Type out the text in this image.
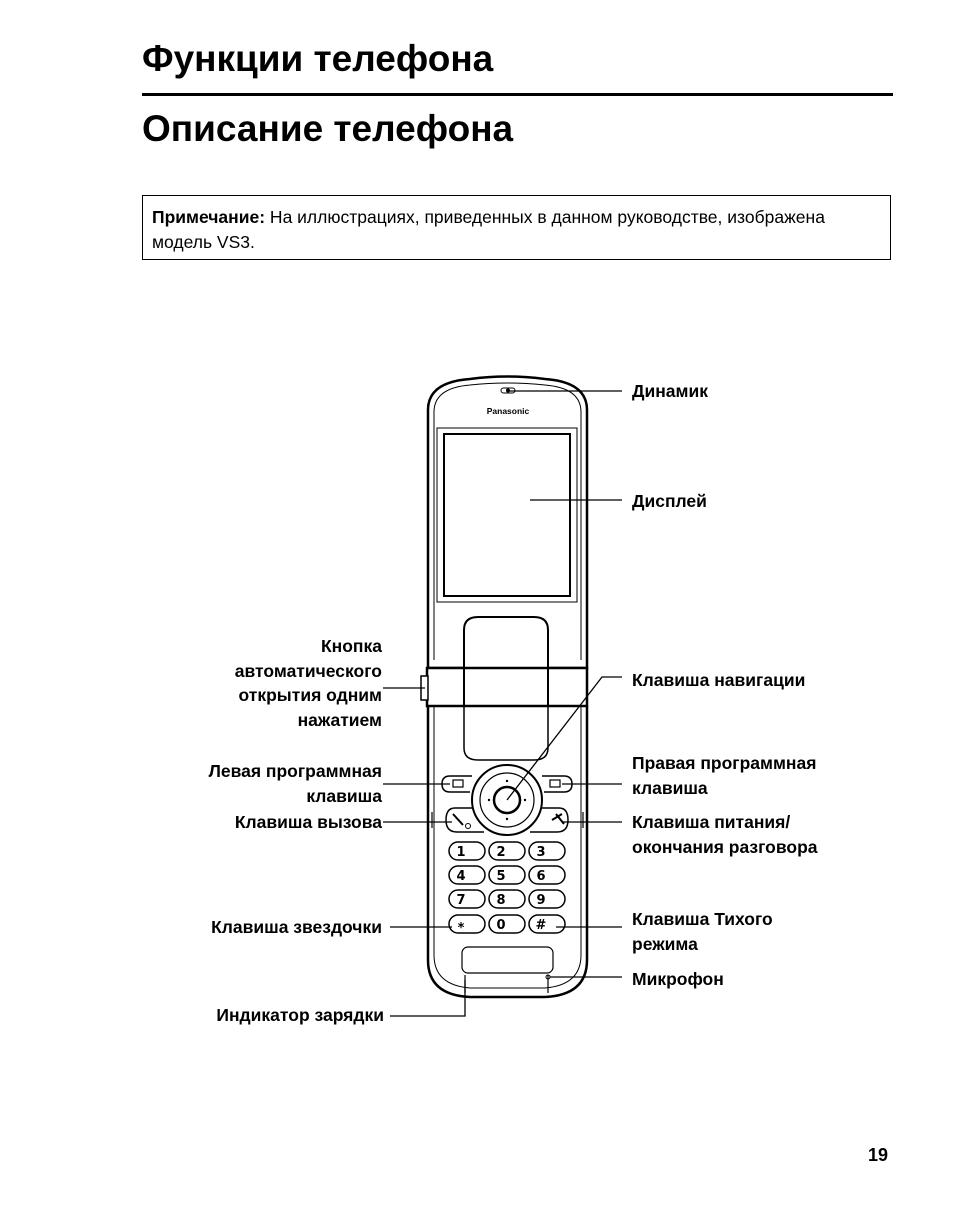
Функции телефона
Описание телефона
Примечание: На иллюстрациях, приведенных в данном руководстве, изображена модель VS3.
Panasonic
1 2 3
4 5 6
7 8 9
* 0 #
Динамик
Дисплей
Кнопка
автоматического
открытия одним
нажатием
Клавиша навигации
Левая программная
клавиша
Правая программная
клавиша
Клавиша вызова	Клавиша питания/
окончания разговора
Клавиша звездочки	Клавиша Тихого
режима
Микрофон
Индикатор зарядки
19
